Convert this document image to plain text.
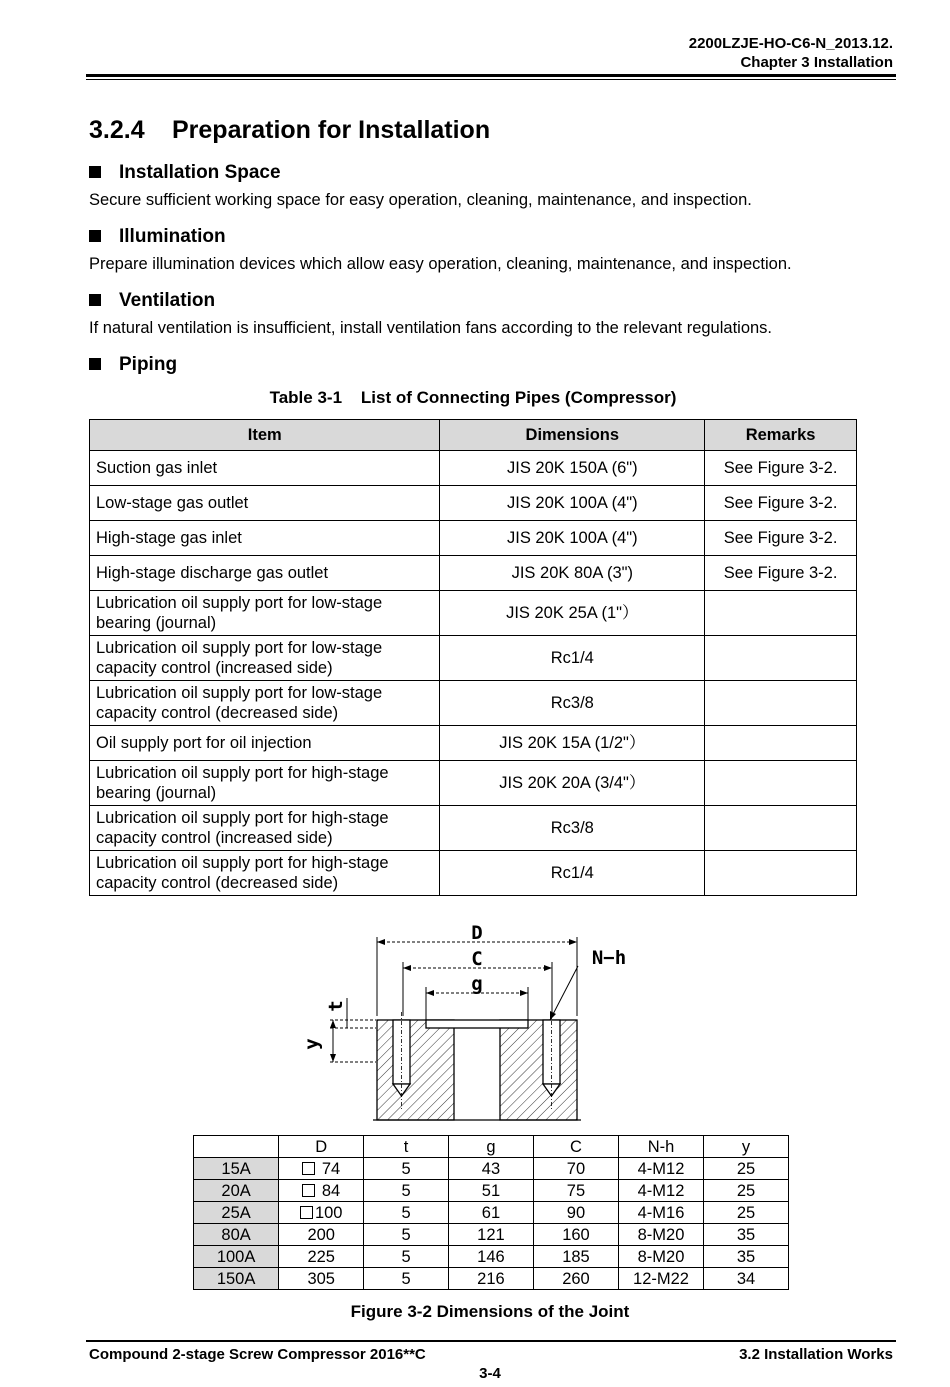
2200LZJE-HO-C6-N_2013.12.
Chapter 3 Installation
3.2.4 Preparation for Installation
Installation Space
Secure sufficient working space for easy operation, cleaning, maintenance, and inspection.
Illumination
Prepare illumination devices which allow easy operation, cleaning, maintenance, and inspection.
Ventilation
If natural ventilation is insufficient, install ventilation fans according to the relevant regulations.
Piping
Table 3-1    List of Connecting Pipes (Compressor)
Item	Dimensions	Remarks
Suction gas inlet	JIS 20K 150A (6")	See Figure 3-2.
Low-stage gas outlet	JIS 20K 100A (4")	See Figure 3-2.
High-stage gas inlet	JIS 20K 100A (4")	See Figure 3-2.
High-stage discharge gas outlet	JIS 20K 80A (3")	See Figure 3-2.
Lubrication oil supply port for low-stage bearing (journal)	JIS 20K 25A (1"）	
Lubrication oil supply port for low-stage capacity control (increased side)	Rc1/4	
Lubrication oil supply port for low-stage capacity control (decreased side)	Rc3/8	
Oil supply port for oil injection	JIS 20K 15A (1/2"）	
Lubrication oil supply port for high-stage bearing (journal)	JIS 20K 20A (3/4"）	
Lubrication oil supply port for high-stage capacity control (increased side)	Rc3/8	
Lubrication oil supply port for high-stage capacity control (decreased side)	Rc1/4	
D
C
g
N−h
t
y
	D	t	g	C	N-h	y
15A	74	5	43	70	4-M12	25
20A	84	5	51	75	4-M12	25
25A	100	5	61	90	4-M16	25
80A	200	5	121	160	8-M20	35
100A	225	5	146	185	8-M20	35
150A	305	5	216	260	12-M22	34
Figure 3-2 Dimensions of the Joint
Compound 2-stage Screw Compressor 2016**C	3.2 Installation Works
3-4
